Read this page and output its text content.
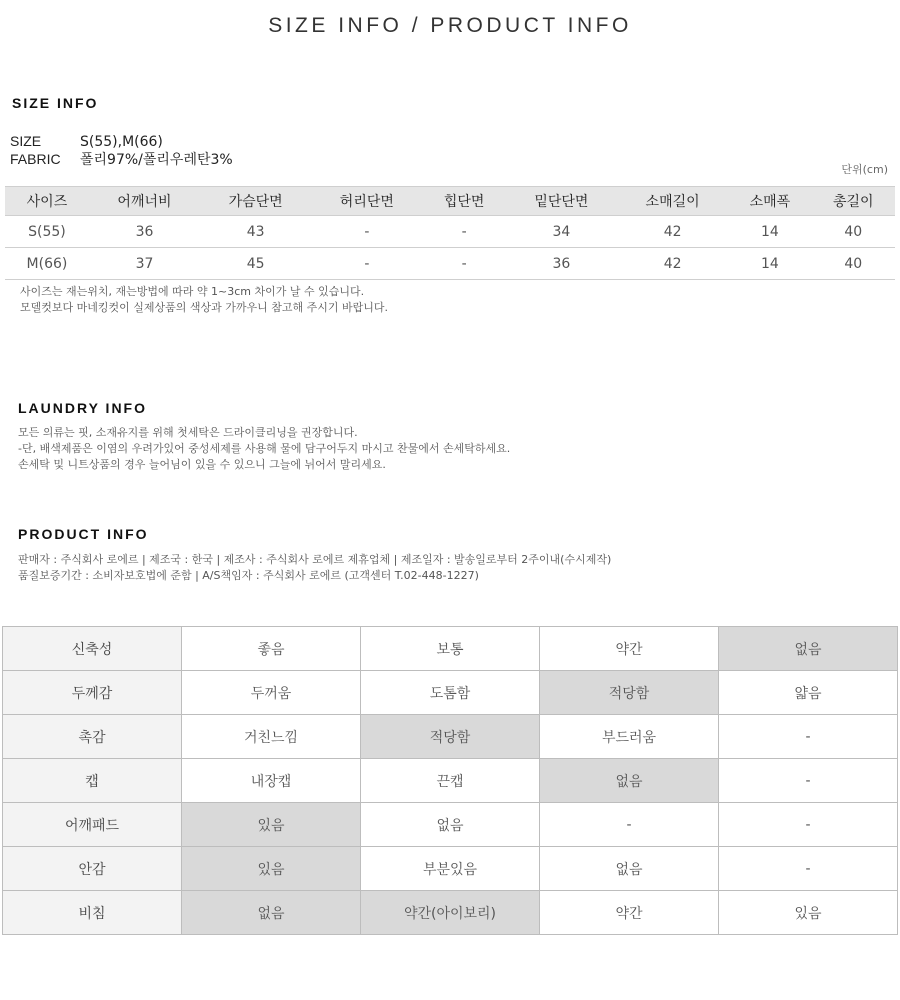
SIZE INFO / PRODUCT INFO
SIZE INFO
SIZE	S(55),M(66)
FABRIC 폴리97%/폴리우레탄3%
단위(cm)
사이즈	어깨너비	가슴단면	허리단면	힙단면	밑단단면	소매길이	소매폭	총길이
S(55)	36	43	-	-	34	42	14	40
M(66)	37	45	-	-	36	42	14	40
사이즈는 재는위치, 재는방법에 따라 약 1~3cm 차이가 날 수 있습니다.
모델컷보다 마네킹컷이 실제상품의 색상과 가까우니 참고해 주시기 바랍니다.
LAUNDRY INFO
모든 의류는 핏, 소재유지를 위해 첫세탁은 드라이클리닝을 권장합니다.
-단, 배색제품은 이염의 우려가있어 중성세제를 사용해 물에 담구어두지 마시고 찬물에서 손세탁하세요.
손세탁 및 니트상품의 경우 늘어님이 있을 수 있으니 그늘에 뉘어서 말리세요.
PRODUCT INFO
판매자 : 주식회사 로에르 | 제조국 : 한국 | 제조사 : 주식회사 로에르 제휴업체 | 제조일자 : 발송일로부터 2주이내(수시제작)
품질보증기간 : 소비자보호법에 준함 | A/S책임자 : 주식회사 로에르 (고객센터 T.02-448-1227)
신축성	좋음	보통	약간	없음
두께감	두꺼움	도톰함	적당함	얇음
촉감	거친느낌	적당함	부드러움	-
캡	내장캡	끈캡	없음	-
어깨패드	있음	없음	-	-
안감	있음	부분있음	없음	-
비침	없음	약간(아이보리)	약간	있음
